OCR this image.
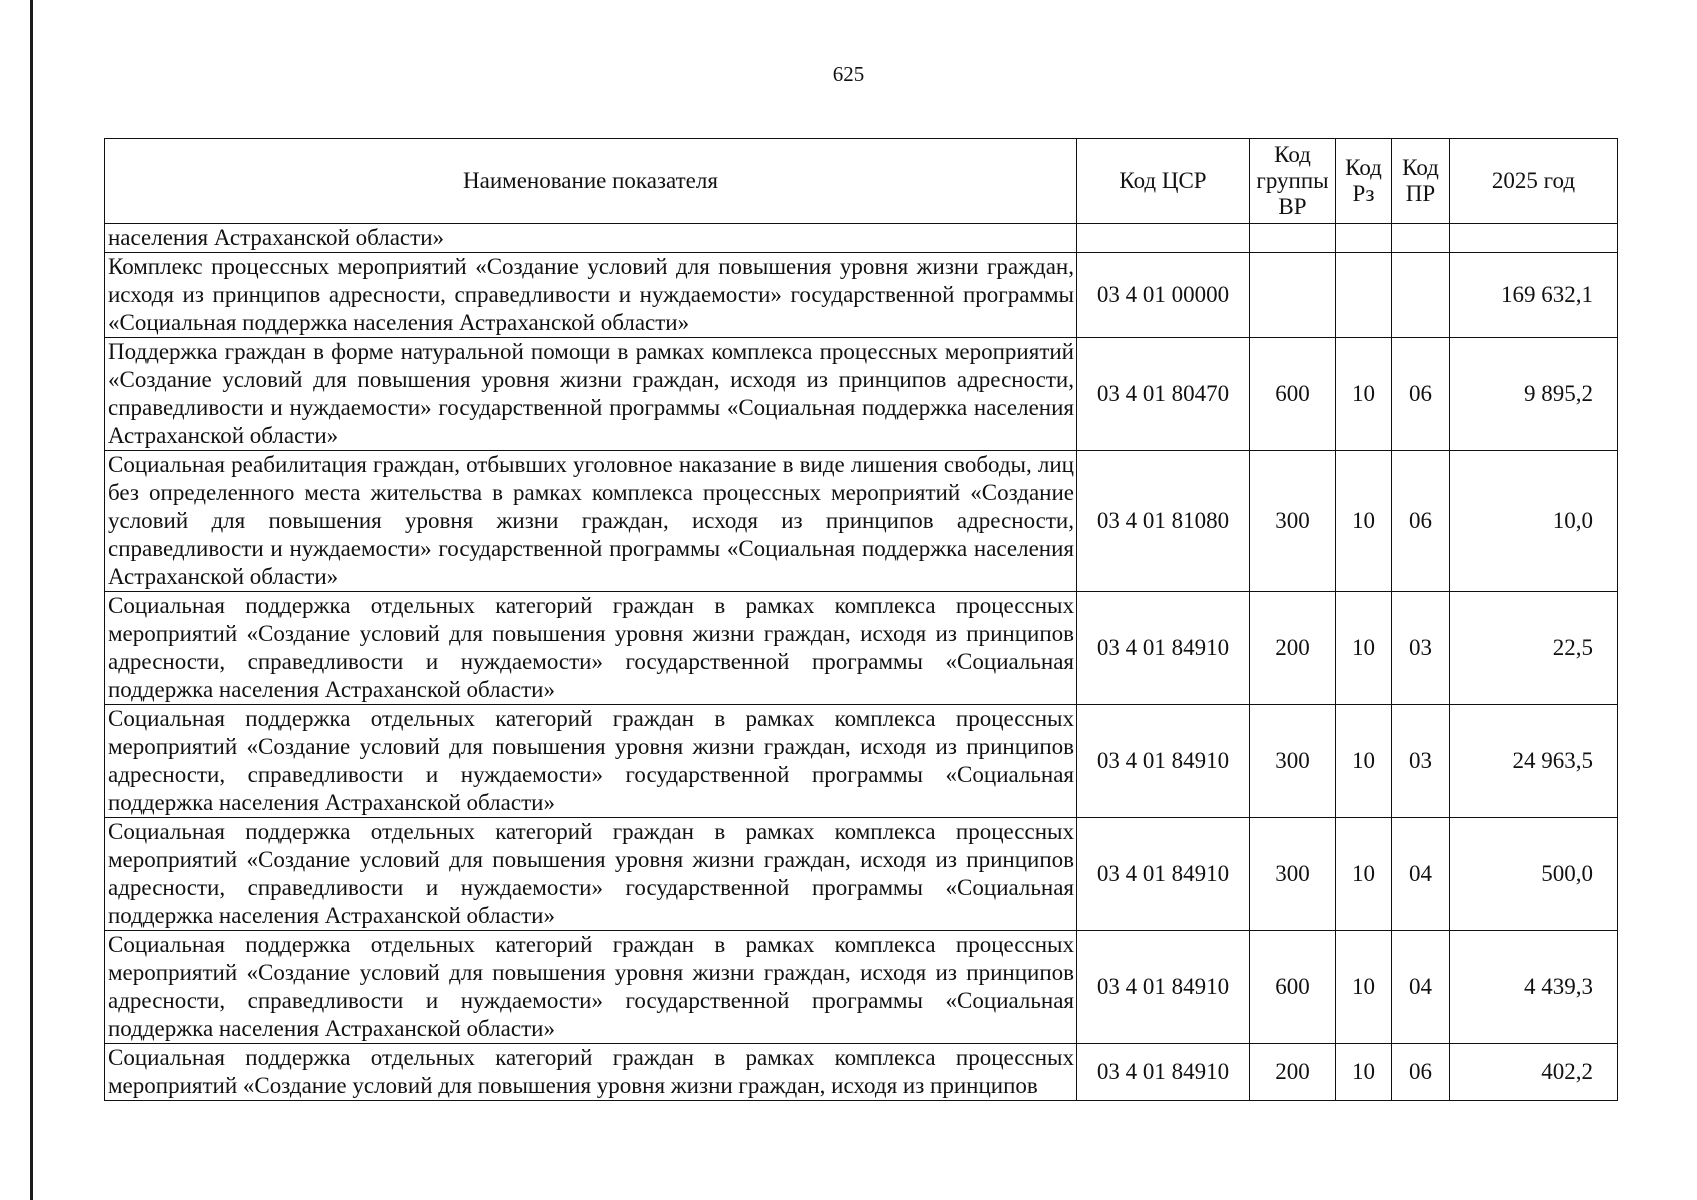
625
Наименование показателя	Код ЦСР	Код группы ВР	Код Рз	Код ПР	2025 год
населения Астраханской области»					
Комплекс процессных мероприятий «Создание условий для повышения уровня жизни граждан, исходя из принципов адресности, справедливости и нуждаемости» государственной программы «Социальная поддержка населения Астраханской области»	03 4 01 00000				169 632,1
Поддержка граждан в форме натуральной помощи в рамках комплекса процессных мероприятий «Создание условий для повышения уровня жизни граждан, исходя из принципов адресности, справедливости и нуждаемости» государственной программы «Социальная поддержка населения Астраханской области»	03 4 01 80470	600	10	06	9 895,2
Социальная реабилитация граждан, отбывших уголовное наказание в виде лишения свободы, лиц без определенного места жительства в рамках комплекса процессных мероприятий «Создание условий для повышения уровня жизни граждан, исходя из принципов адресности, справедливости и нуждаемости» государственной программы «Социальная поддержка населения Астраханской области»	03 4 01 81080	300	10	06	10,0
Социальная поддержка отдельных категорий граждан в рамках комплекса процессных мероприятий «Создание условий для повышения уровня жизни граждан, исходя из принципов адресности, справедливости и нуждаемости» государственной программы «Социальная поддержка населения Астраханской области»	03 4 01 84910	200	10	03	22,5
Социальная поддержка отдельных категорий граждан в рамках комплекса процессных мероприятий «Создание условий для повышения уровня жизни граждан, исходя из принципов адресности, справедливости и нуждаемости» государственной программы «Социальная поддержка населения Астраханской области»	03 4 01 84910	300	10	03	24 963,5
Социальная поддержка отдельных категорий граждан в рамках комплекса процессных мероприятий «Создание условий для повышения уровня жизни граждан, исходя из принципов адресности, справедливости и нуждаемости» государственной программы «Социальная поддержка населения Астраханской области»	03 4 01 84910	300	10	04	500,0
Социальная поддержка отдельных категорий граждан в рамках комплекса процессных мероприятий «Создание условий для повышения уровня жизни граждан, исходя из принципов адресности, справедливости и нуждаемости» государственной программы «Социальная поддержка населения Астраханской области»	03 4 01 84910	600	10	04	4 439,3
Социальная поддержка отдельных категорий граждан в рамках комплекса процессных мероприятий «Создание условий для повышения уровня жизни граждан, исходя из принципов	03 4 01 84910	200	10	06	402,2
